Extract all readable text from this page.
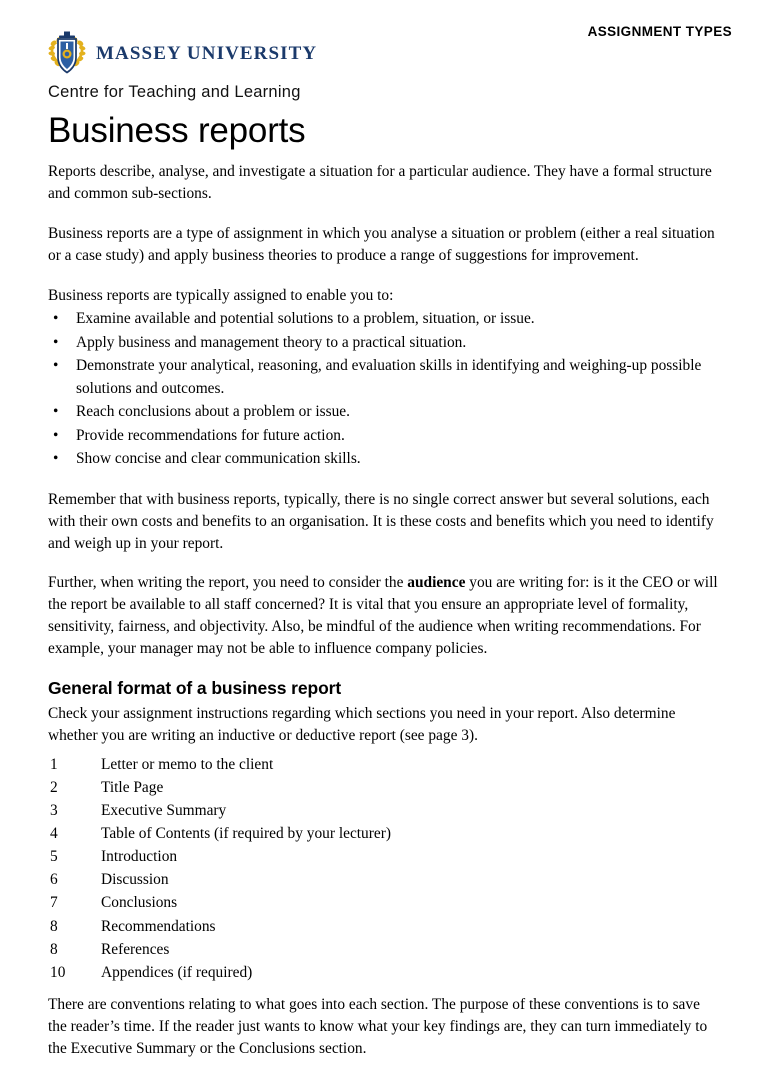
ASSIGNMENT TYPES
MASSEY UNIVERSITY
Centre for Teaching and Learning
Business reports

Reports describe, analyse, and investigate a situation for a particular audience. They have a formal structure and common sub-sections.

Business reports are a type of assignment in which you analyse a situation or problem (either a real situation or a case study) and apply business theories to produce a range of suggestions for improvement.

Business reports are typically assigned to enable you to:

• Examine available and potential solutions to a problem, situation, or issue.
• Apply business and management theory to a practical situation.
• Demonstrate your analytical, reasoning, and evaluation skills in identifying and weighing-up possible solutions and outcomes.
• Reach conclusions about a problem or issue.
• Provide recommendations for future action.
• Show concise and clear communication skills.

Remember that with business reports, typically, there is no single correct answer but several solutions, each with their own costs and benefits to an organisation. It is these costs and benefits which you need to identify and weigh up in your report.

Further, when writing the report, you need to consider the audience you are writing for: is it the CEO or will the report be available to all staff concerned? It is vital that you ensure an appropriate level of formality, sensitivity, fairness, and objectivity. Also, be mindful of the audience when writing recommendations. For example, your manager may not be able to influence company policies.

General format of a business report

Check your assignment instructions regarding which sections you need in your report. Also determine whether you are writing an inductive or deductive report (see page 3).

1	Letter or memo to the client
2	Title Page
3	Executive Summary
4	Table of Contents (if required by your lecturer)
5	Introduction
6	Discussion
7	Conclusions
8	Recommendations
8	References
10	Appendices (if required)

There are conventions relating to what goes into each section. The purpose of these conventions is to save the reader’s time. If the reader just wants to know what your key findings are, they can turn immediately to the Executive Summary or the Conclusions section.
